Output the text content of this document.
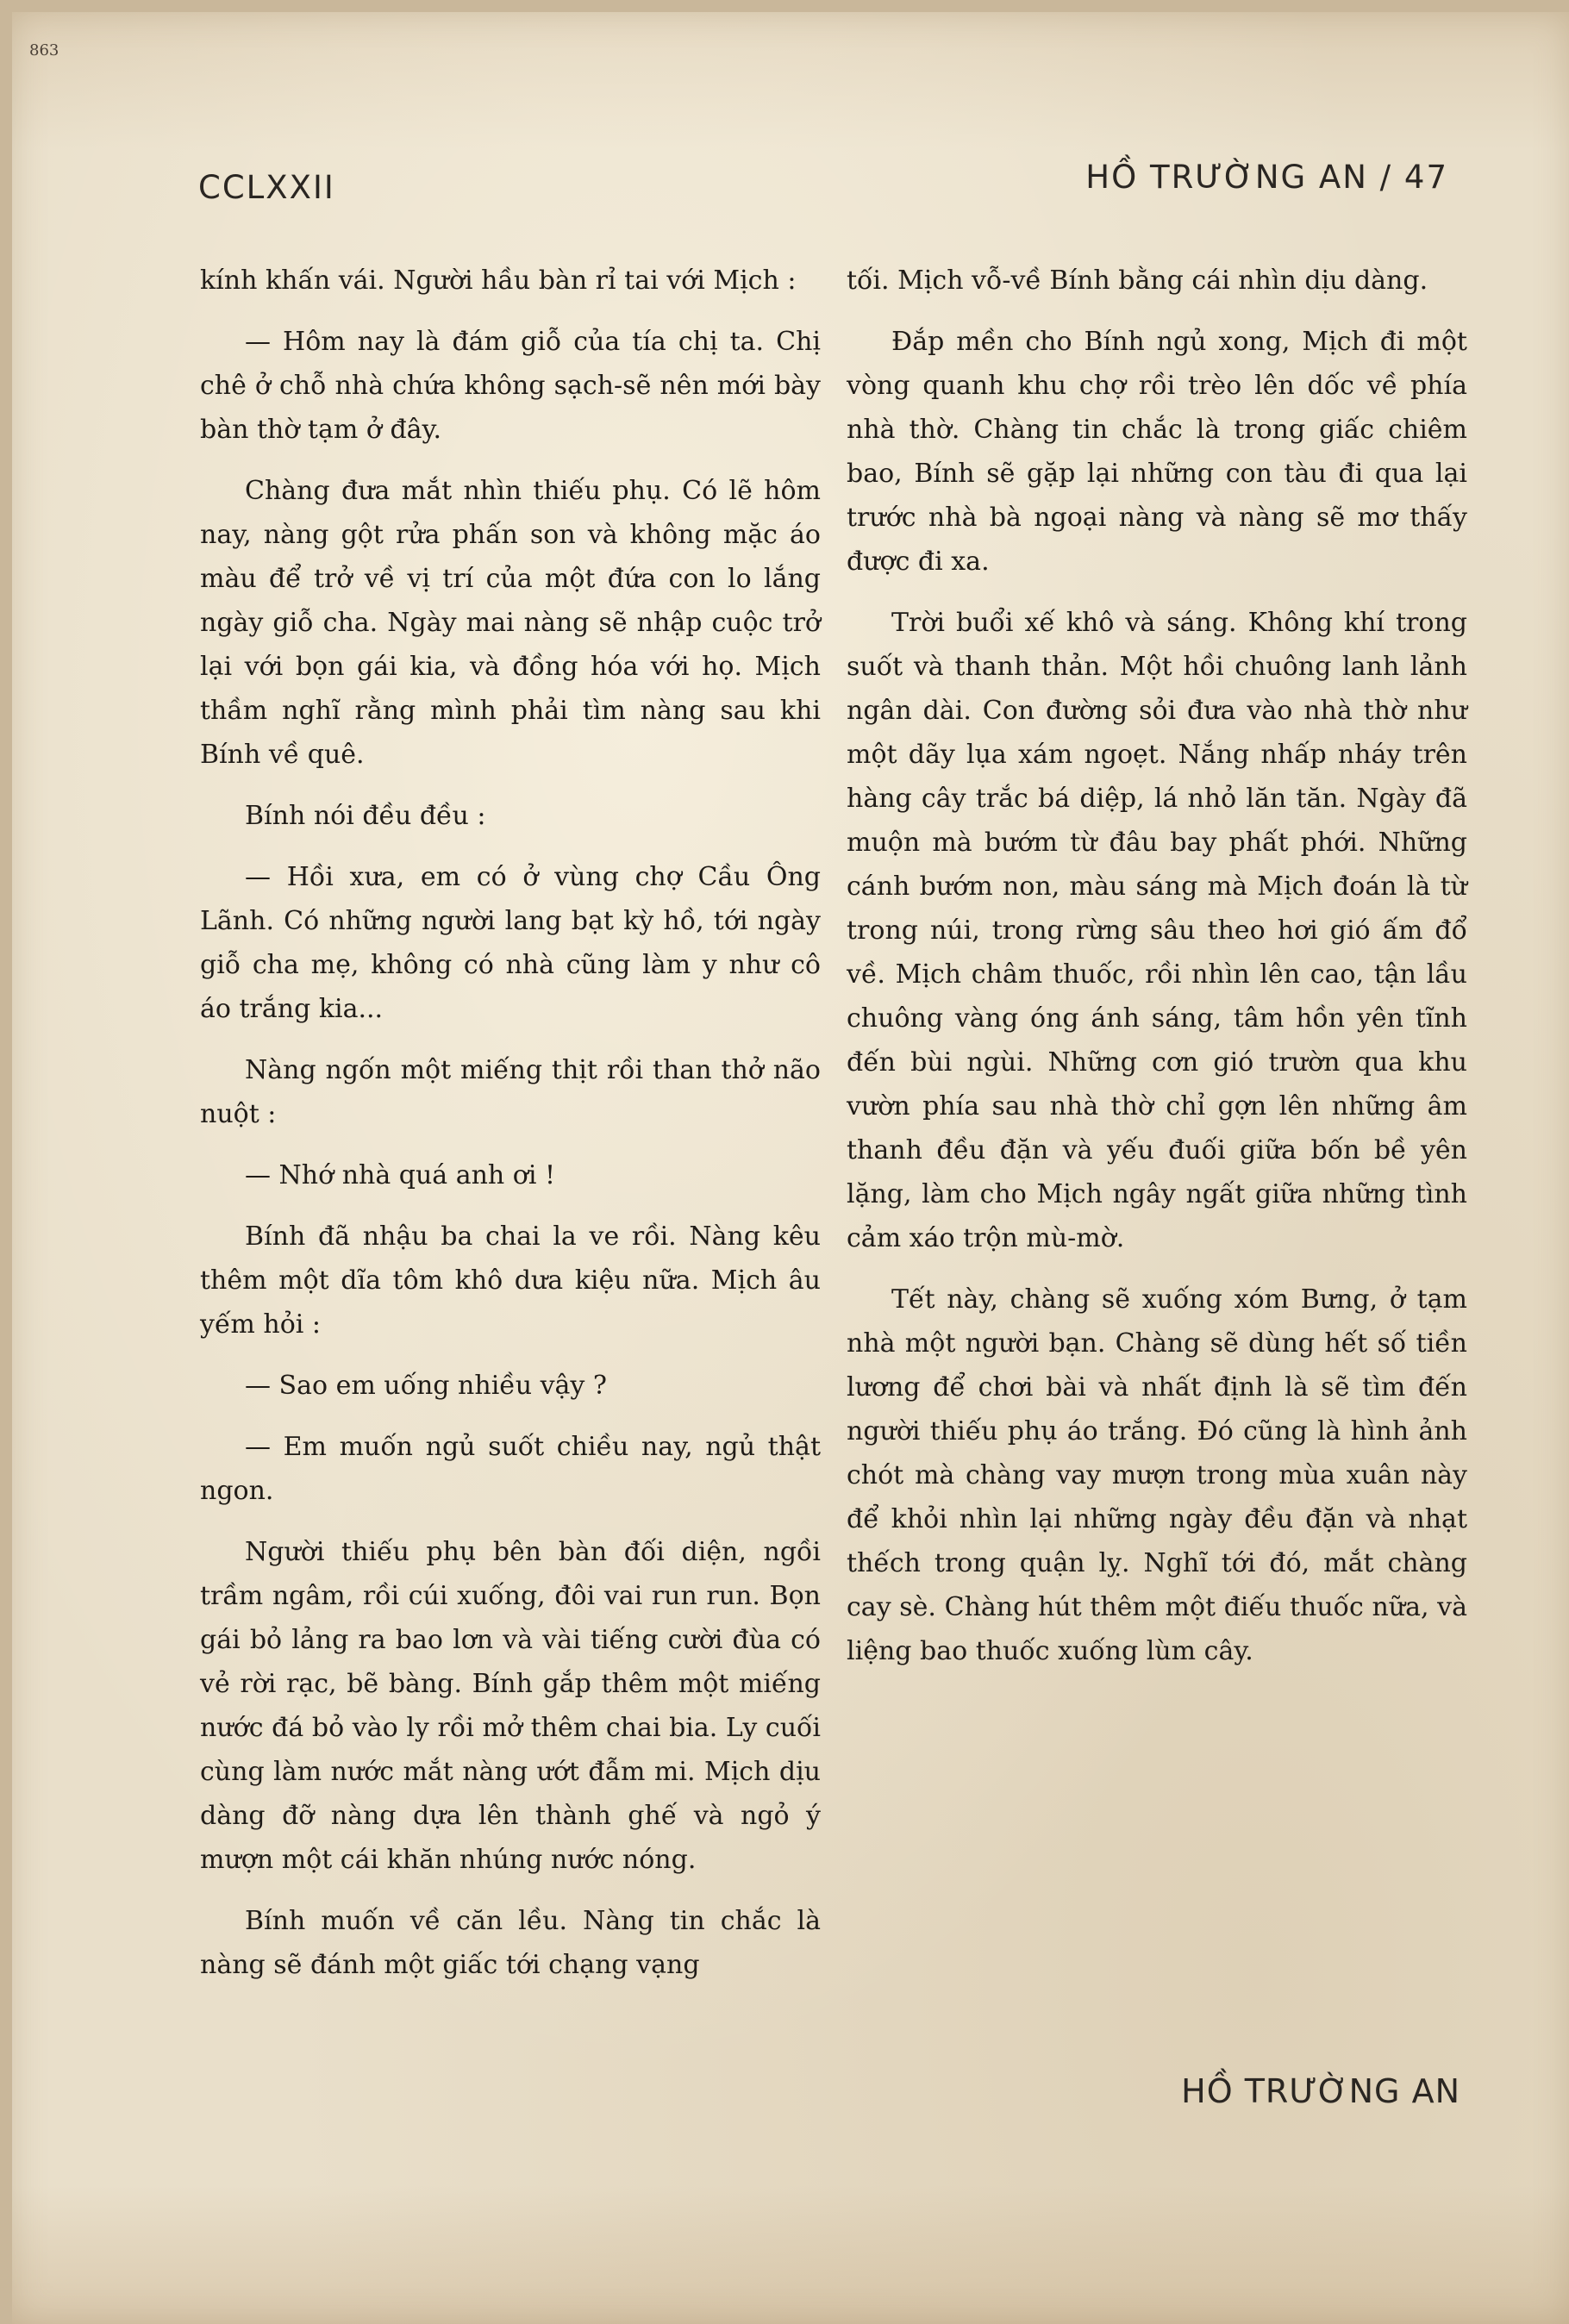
863
CCLXXII	HỒ TRƯỜNG AN / 47

kính khấn vái. Người hầu bàn rỉ tai với Mịch :

— Hôm nay là đám giỗ của tía chị ta. Chị chê ở chỗ nhà chứa không sạch-sẽ nên mới bày bàn thờ tạm ở đây.

Chàng đưa mắt nhìn thiếu phụ. Có lẽ hôm nay, nàng gột rửa phấn son và không mặc áo màu để trở về vị trí của một đứa con lo lắng ngày giỗ cha. Ngày mai nàng sẽ nhập cuộc trở lại với bọn gái kia, và đồng hóa với họ. Mịch thầm nghĩ rằng mình phải tìm nàng sau khi Bính về quê.

Bính nói đều đều :

— Hồi xưa, em có ở vùng chợ Cầu Ông Lãnh. Có những người lang bạt kỳ hồ, tới ngày giỗ cha mẹ, không có nhà cũng làm y như cô áo trắng kia...

Nàng ngốn một miếng thịt rồi than thở não nuột :

— Nhớ nhà quá anh ơi !

Bính đã nhậu ba chai la ve rồi. Nàng kêu thêm một dĩa tôm khô dưa kiệu nữa. Mịch âu yếm hỏi :

— Sao em uống nhiều vậy ?

— Em muốn ngủ suốt chiều nay, ngủ thật ngon.

Người thiếu phụ bên bàn đối diện, ngồi trầm ngâm, rồi cúi xuống, đôi vai run run. Bọn gái bỏ lảng ra bao lơn và vài tiếng cười đùa có vẻ rời rạc, bẽ bàng. Bính gắp thêm một miếng nước đá bỏ vào ly rồi mở thêm chai bia. Ly cuối cùng làm nước mắt nàng ướt đẫm mi. Mịch dịu dàng đỡ nàng dựa lên thành ghế và ngỏ ý mượn một cái khăn nhúng nước nóng.

Bính muốn về căn lều. Nàng tin chắc là nàng sẽ đánh một giấc tới chạng vạng

tối. Mịch vỗ-về Bính bằng cái nhìn dịu dàng.

Đắp mền cho Bính ngủ xong, Mịch đi một vòng quanh khu chợ rồi trèo lên dốc về phía nhà thờ. Chàng tin chắc là trong giấc chiêm bao, Bính sẽ gặp lại những con tàu đi qua lại trước nhà bà ngoại nàng và nàng sẽ mơ thấy được đi xa.

Trời buổi xế khô và sáng. Không khí trong suốt và thanh thản. Một hồi chuông lanh lảnh ngân dài. Con đường sỏi đưa vào nhà thờ như một dãy lụa xám ngoẹt. Nắng nhấp nháy trên hàng cây trắc bá diệp, lá nhỏ lăn tăn. Ngày đã muộn mà bướm từ đâu bay phất phới. Những cánh bướm non, màu sáng mà Mịch đoán là từ trong núi, trong rừng sâu theo hơi gió ấm đổ về. Mịch châm thuốc, rồi nhìn lên cao, tận lầu chuông vàng óng ánh sáng, tâm hồn yên tĩnh đến bùi ngùi. Những cơn gió trườn qua khu vườn phía sau nhà thờ chỉ gợn lên những âm thanh đều đặn và yếu đuối giữa bốn bề yên lặng, làm cho Mịch ngây ngất giữa những tình cảm xáo trộn mù-mờ.

Tết này, chàng sẽ xuống xóm Bưng, ở tạm nhà một người bạn. Chàng sẽ dùng hết số tiền lương để chơi bài và nhất định là sẽ tìm đến người thiếu phụ áo trắng. Đó cũng là hình ảnh chót mà chàng vay mượn trong mùa xuân này để khỏi nhìn lại những ngày đều đặn và nhạt thếch trong quận lỵ. Nghĩ tới đó, mắt chàng cay sè. Chàng hút thêm một điếu thuốc nữa, và liệng bao thuốc xuống lùm cây.

HỒ TRƯỜNG AN
